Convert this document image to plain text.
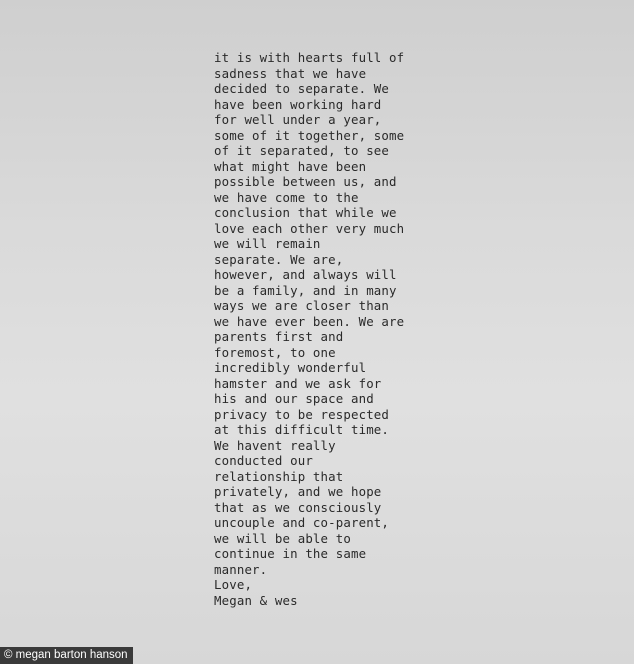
it is with hearts full of
sadness that we have
decided to separate. We
have been working hard
for well under a year,
some of it together, some
of it separated, to see
what might have been
possible between us, and
we have come to the
conclusion that while we
love each other very much
we will remain
separate. We are,
however, and always will
be a family, and in many
ways we are closer than
we have ever been. We are
parents first and
foremost, to one
incredibly wonderful
hamster and we ask for
his and our space and
privacy to be respected
at this difficult time.
We havent really
conducted our
relationship that
privately, and we hope
that as we consciously
uncouple and co-parent,
we will be able to
continue in the same
manner.
Love,
Megan & wes
© megan barton hanson
